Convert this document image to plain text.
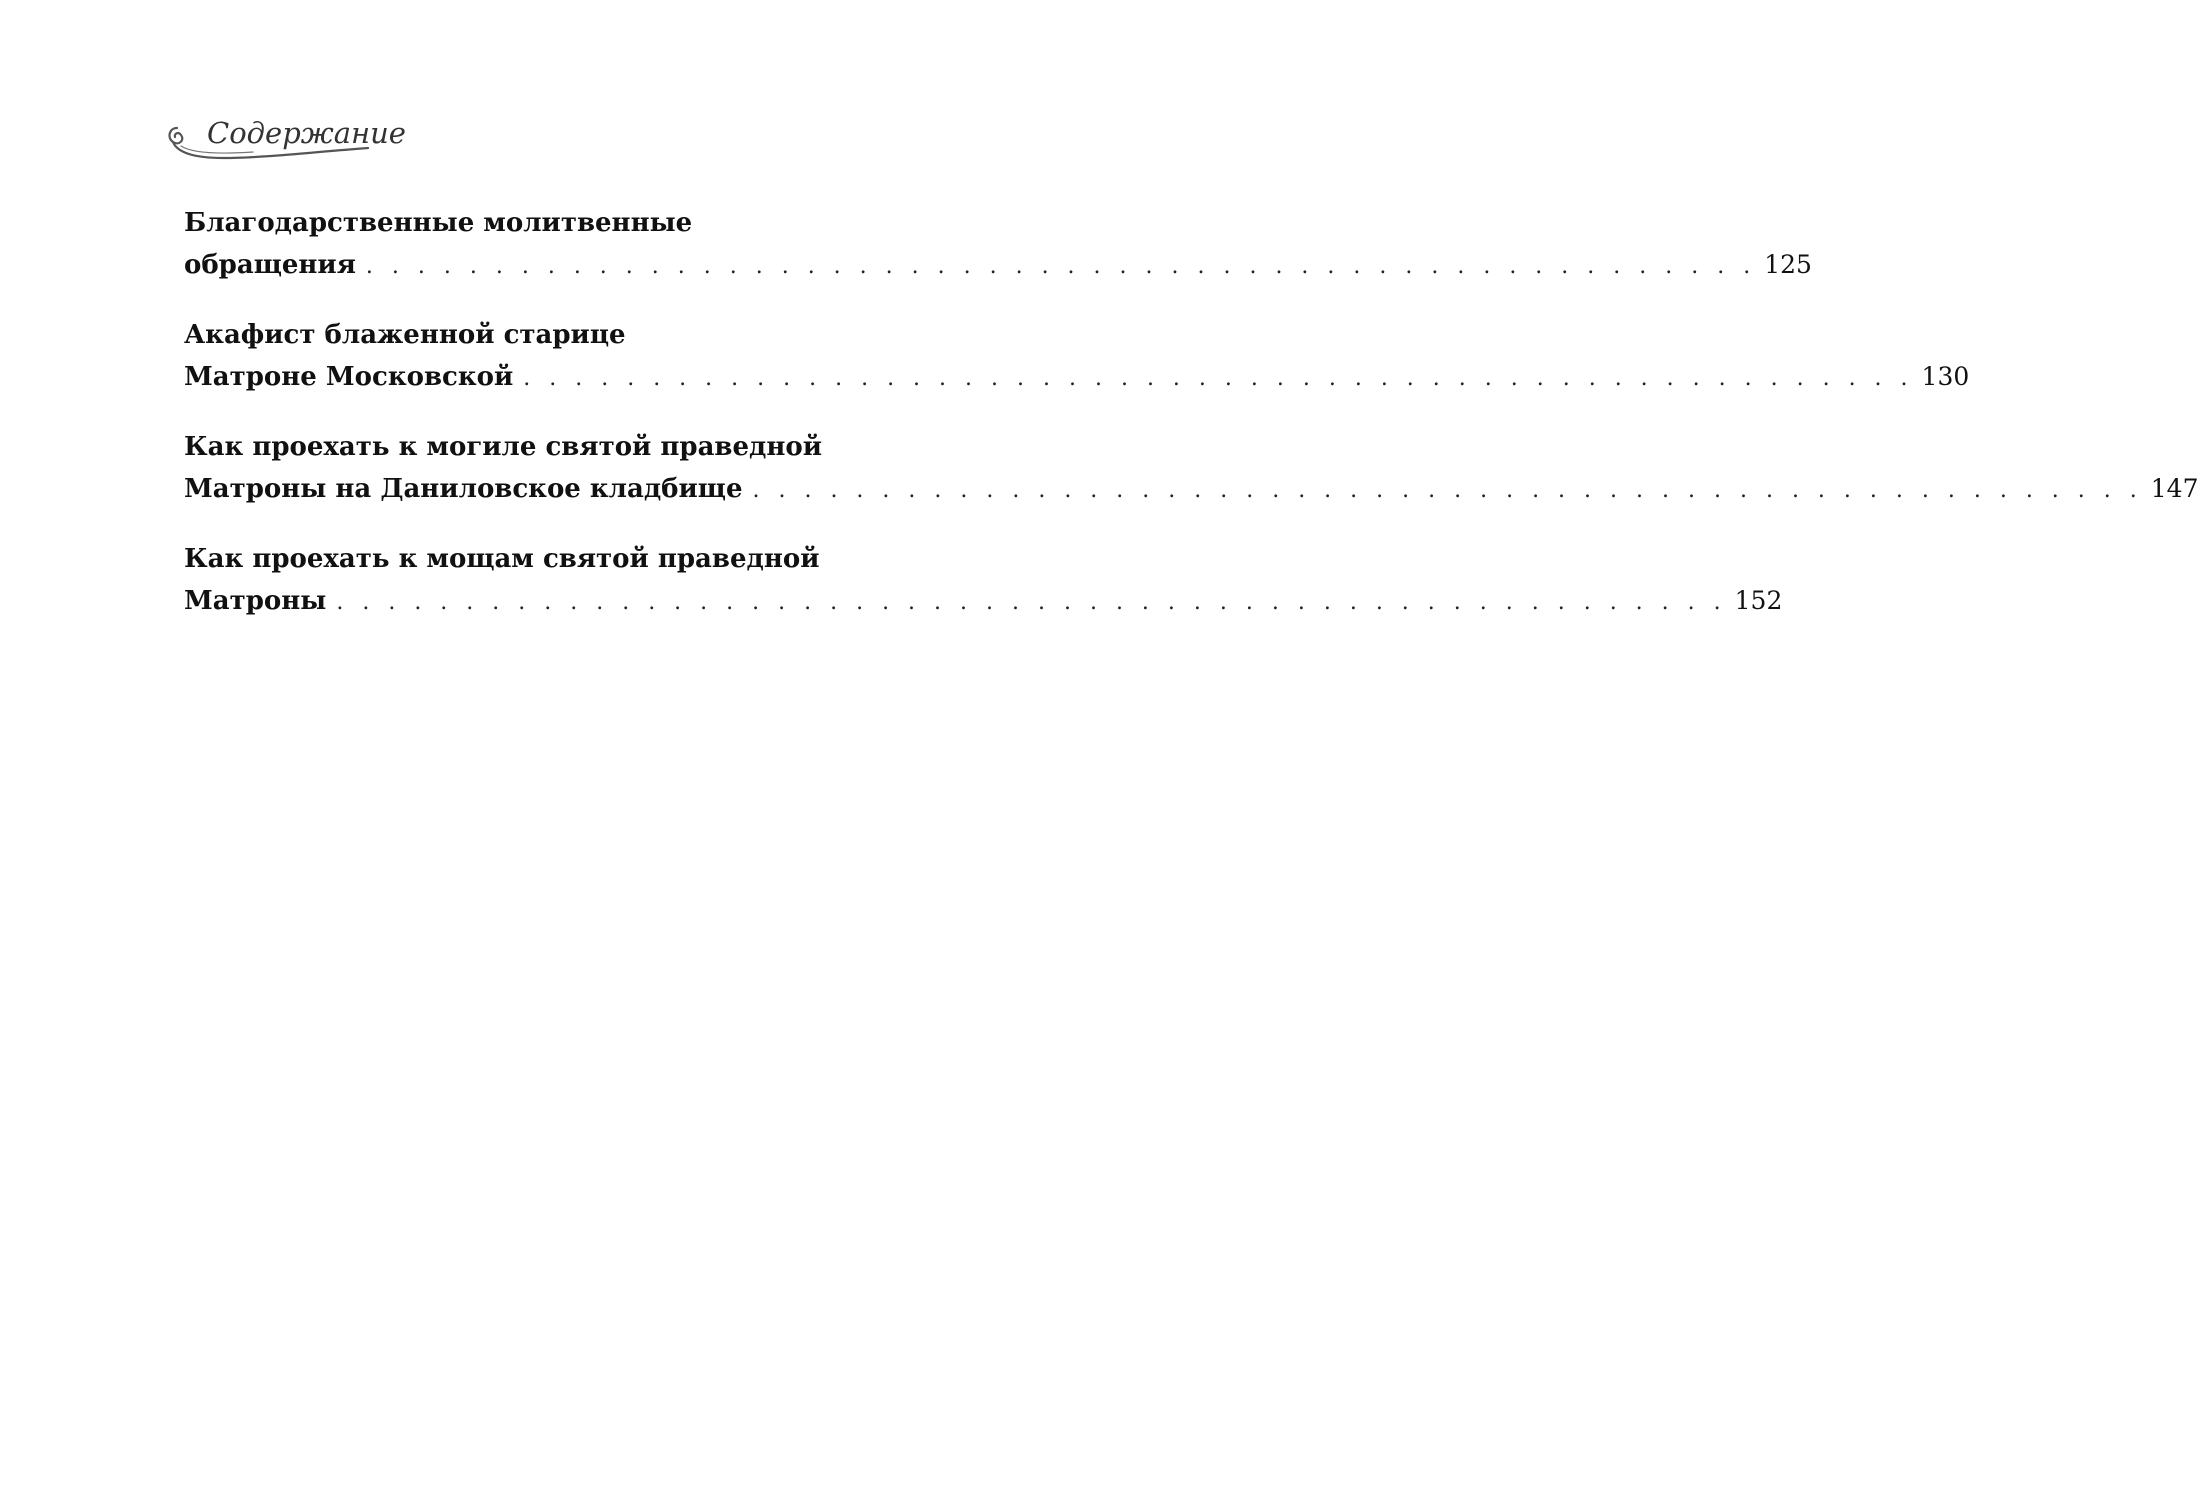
Содержание
Благодарственные молитвенные
обращения . . . . . . . . . . . . . . . . . . . . . . . . . . . . . . . . . . . . . . . . . . . . . . . . . . . . . . 125
Акафист блаженной старице
Матроне Московской . . . . . . . . . . . . . . . . . . . . . . . . . . . . . . . . . . . . . . . . . . . . . . . . . . . . . . 130
Как проехать к могиле святой праведной
Матроны на Даниловское кладбище . . . . . . . . . . . . . . . . . . . . . . . . . . . . . . . . . . . . . . . . . . . . . . . . . . . . . . 147
Как проехать к мощам святой праведной
Матроны . . . . . . . . . . . . . . . . . . . . . . . . . . . . . . . . . . . . . . . . . . . . . . . . . . . . . . 152
